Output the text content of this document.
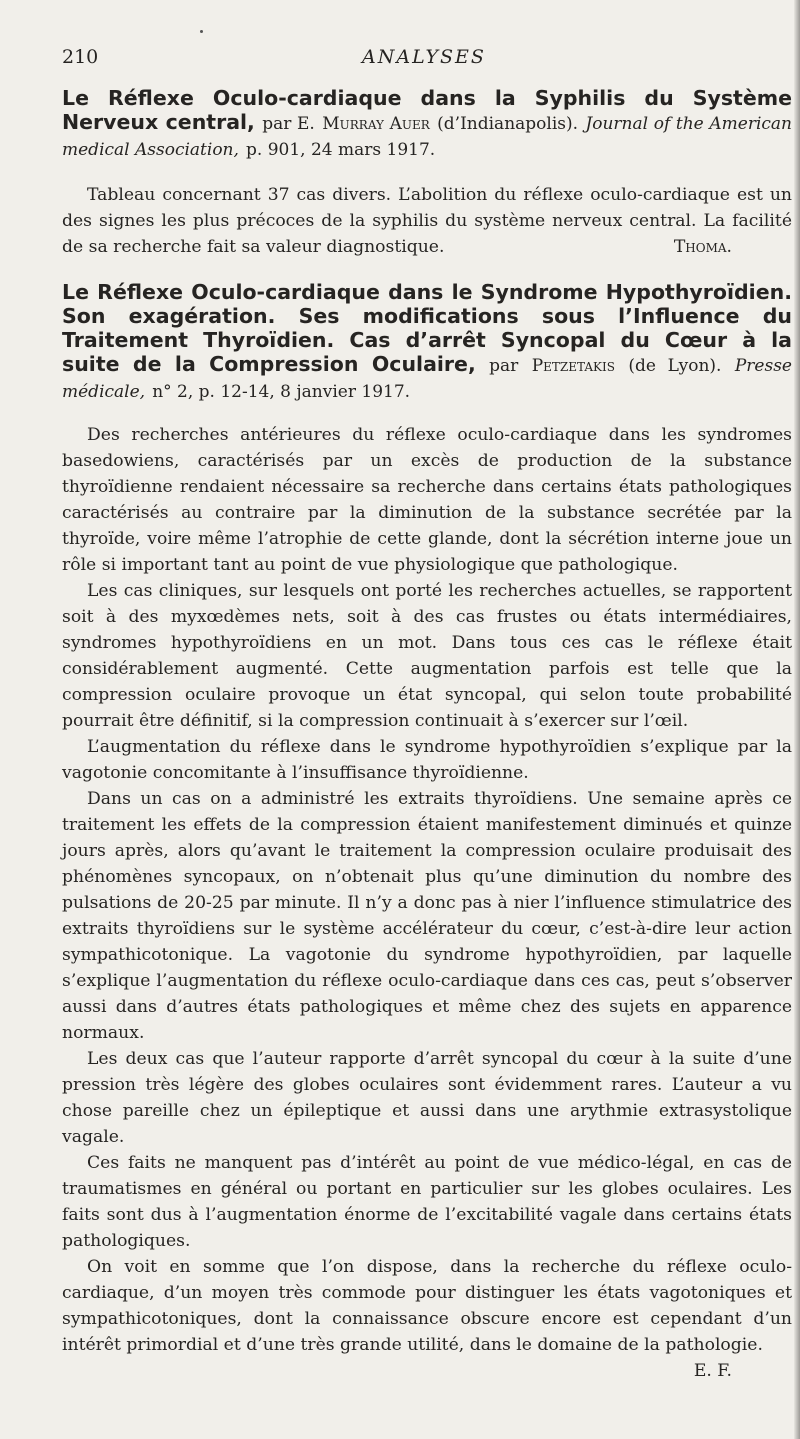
210	ANALYSES

Le Réflexe Oculo-cardiaque dans la Syphilis du Système Nerveux central, par E. Murray Auer (d’Indianapolis). Journal of the American medical Association, p. 901, 24 mars 1917.

Tableau concernant 37 cas divers. L’abolition du réflexe oculo-cardiaque est un des signes les plus précoces de la syphilis du système nerveux central. La facilité de sa recherche fait sa valeur diagnostique.	Thoma.

Le Réflexe Oculo-cardiaque dans le Syndrome Hypothyroïdien. Son exagération. Ses modifications sous l’Influence du Traitement Thyroïdien. Cas d’arrêt Syncopal du Cœur à la suite de la Compression Oculaire, par Petzetakis (de Lyon). Presse médicale, n° 2, p. 12-14, 8 janvier 1917.

Des recherches antérieures du réflexe oculo-cardiaque dans les syndromes basedowiens, caractérisés par un excès de production de la substance thyroïdienne rendaient nécessaire sa recherche dans certains états pathologiques caractérisés au contraire par la diminution de la substance secrétée par la thyroïde, voire même l’atrophie de cette glande, dont la sécrétion interne joue un rôle si important tant au point de vue physiologique que pathologique.

Les cas cliniques, sur lesquels ont porté les recherches actuelles, se rapportent soit à des myxœdèmes nets, soit à des cas frustes ou états intermédiaires, syndromes hypothyroïdiens en un mot. Dans tous ces cas le réflexe était considérablement augmenté. Cette augmentation parfois est telle que la compression oculaire provoque un état syncopal, qui selon toute probabilité pourrait être définitif, si la compression continuait à s’exercer sur l’œil.

L’augmentation du réflexe dans le syndrome hypothyroïdien s’explique par la vagotonie concomitante à l’insuffisance thyroïdienne.

Dans un cas on a administré les extraits thyroïdiens. Une semaine après ce traitement les effets de la compression étaient manifestement diminués et quinze jours après, alors qu’avant le traitement la compression oculaire produisait des phénomènes syncopaux, on n’obtenait plus qu’une diminution du nombre des pulsations de 20-25 par minute. Il n’y a donc pas à nier l’influence stimulatrice des extraits thyroïdiens sur le système accélérateur du cœur, c’est-à-dire leur action sympathicotonique. La vagotonie du syndrome hypothyroïdien, par laquelle s’explique l’augmentation du réflexe oculo-cardiaque dans ces cas, peut s’observer aussi dans d’autres états pathologiques et même chez des sujets en apparence normaux.

Les deux cas que l’auteur rapporte d’arrêt syncopal du cœur à la suite d’une pression très légère des globes oculaires sont évidemment rares. L’auteur a vu chose pareille chez un épileptique et aussi dans une arythmie extrasystolique vagale.

Ces faits ne manquent pas d’intérêt au point de vue médico-légal, en cas de traumatismes en général ou portant en particulier sur les globes oculaires. Les faits sont dus à l’augmentation énorme de l’excitabilité vagale dans certains états pathologiques.

On voit en somme que l’on dispose, dans la recherche du réflexe oculo-cardiaque, d’un moyen très commode pour distinguer les états vagotoniques et sympathicotoniques, dont la connaissance obscure encore est cependant d’un intérêt primordial et d’une très grande utilité, dans le domaine de la pathologie.

E. F.
